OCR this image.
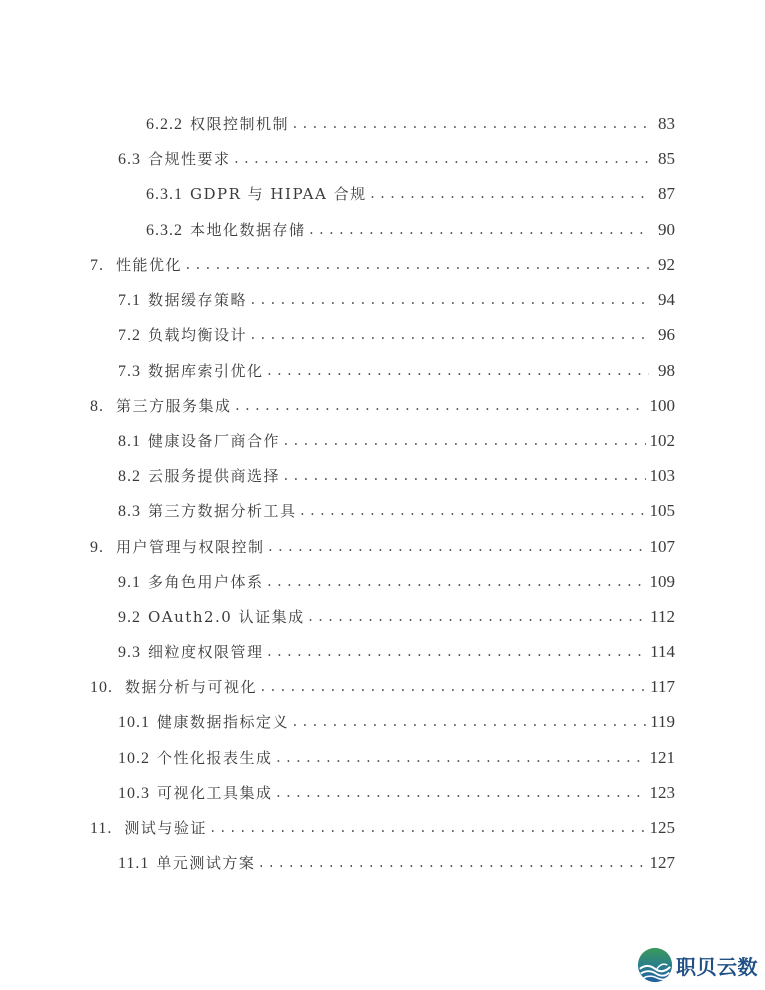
6.2.2 权限控制机制 .....	83
6.3 合规性要求 .....	85
6.3.1 GDPR 与 HIPAA 合规 .....	87
6.3.2 本地化数据存储 .....	90
7. 性能优化 .....	92
7.1 数据缓存策略 .....	94
7.2 负载均衡设计 .....	96
7.3 数据库索引优化 .....	98
8. 第三方服务集成 .....	100
8.1 健康设备厂商合作 .....	102
8.2 云服务提供商选择 .....	103
8.3 第三方数据分析工具 .....	105
9. 用户管理与权限控制 .....	107
9.1 多角色用户体系 .....	109
9.2 OAuth2.0 认证集成 .....	112
9.3 细粒度权限管理 .....	114
10. 数据分析与可视化 .....	117
10.1 健康数据指标定义 .....	119
10.2 个性化报表生成 .....	121
10.3 可视化工具集成 .....	123
11. 测试与验证 .....	125
11.1 单元测试方案 .....	127
职贝云数
